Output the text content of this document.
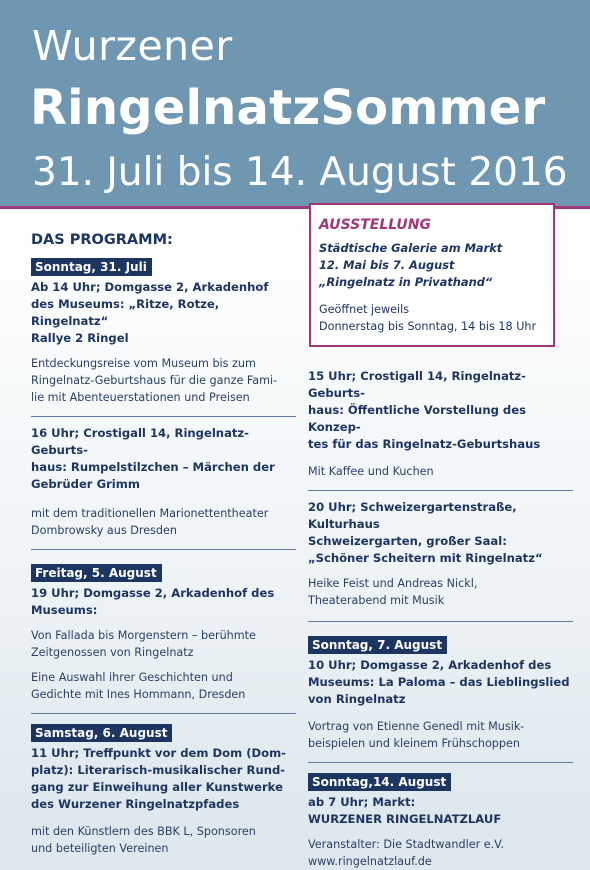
Wurzener
RingelnatzSommer
31. Juli bis 14. August 2016
DAS PROGRAMM:
Sonntag, 31. Juli
Ab 14 Uhr; Domgasse 2, Arkadenhof
des Museums: „Ritze, Rotze, Ringelnatz“
Rallye 2 Ringel
Entdeckungsreise vom Museum bis zum
Ringelnatz-Geburtshaus für die ganze Fami-
lie mit Abenteuerstationen und Preisen
16 Uhr; Crostigall 14, Ringelnatz-Geburts-
haus: Rumpelstilzchen – Märchen der
Gebrüder Grimm
mit dem traditionellen Marionettentheater
Dombrowsky aus Dresden
Freitag, 5. August
19 Uhr; Domgasse 2, Arkadenhof des
Museums:
Von Fallada bis Morgenstern – berühmte
Zeitgenossen von Ringelnatz
Eine Auswahl ihrer Geschichten und
Gedichte mit Ines Hommann, Dresden
Samstag, 6. August
11 Uhr; Treffpunkt vor dem Dom (Dom-
platz): Literarisch-musikalischer Rund-
gang zur Einweihung aller Kunstwerke
des Wurzener Ringelnatzpfades
mit den Künstlern des BBK L, Sponsoren
und beteiligten Vereinen
AUSSTELLUNG
Städtische Galerie am Markt
12. Mai bis 7. August
„Ringelnatz in Privathand“
Geöffnet jeweils
Donnerstag bis Sonntag, 14 bis 18 Uhr
15 Uhr; Crostigall 14, Ringelnatz-Geburts-
haus: Öffentliche Vorstellung des Konzep-
tes für das Ringelnatz-Geburtshaus
Mit Kaffee und Kuchen
20 Uhr; Schweizergartenstraße, Kulturhaus
Schweizergarten, großer Saal:
„Schöner Scheitern mit Ringelnatz“
Heike Feist und Andreas Nickl,
Theaterabend mit Musik
Sonntag, 7. August
10 Uhr; Domgasse 2, Arkadenhof des
Museums: La Paloma – das Lieblingslied
von Ringelnatz
Vortrag von Etienne Genedl mit Musik-
beispielen und kleinem Frühschoppen
Sonntag,14. August
ab 7 Uhr; Markt:
WURZENER RINGELNATZLAUF
Veranstalter: Die Stadtwandler e.V.
www.ringelnatzlauf.de
